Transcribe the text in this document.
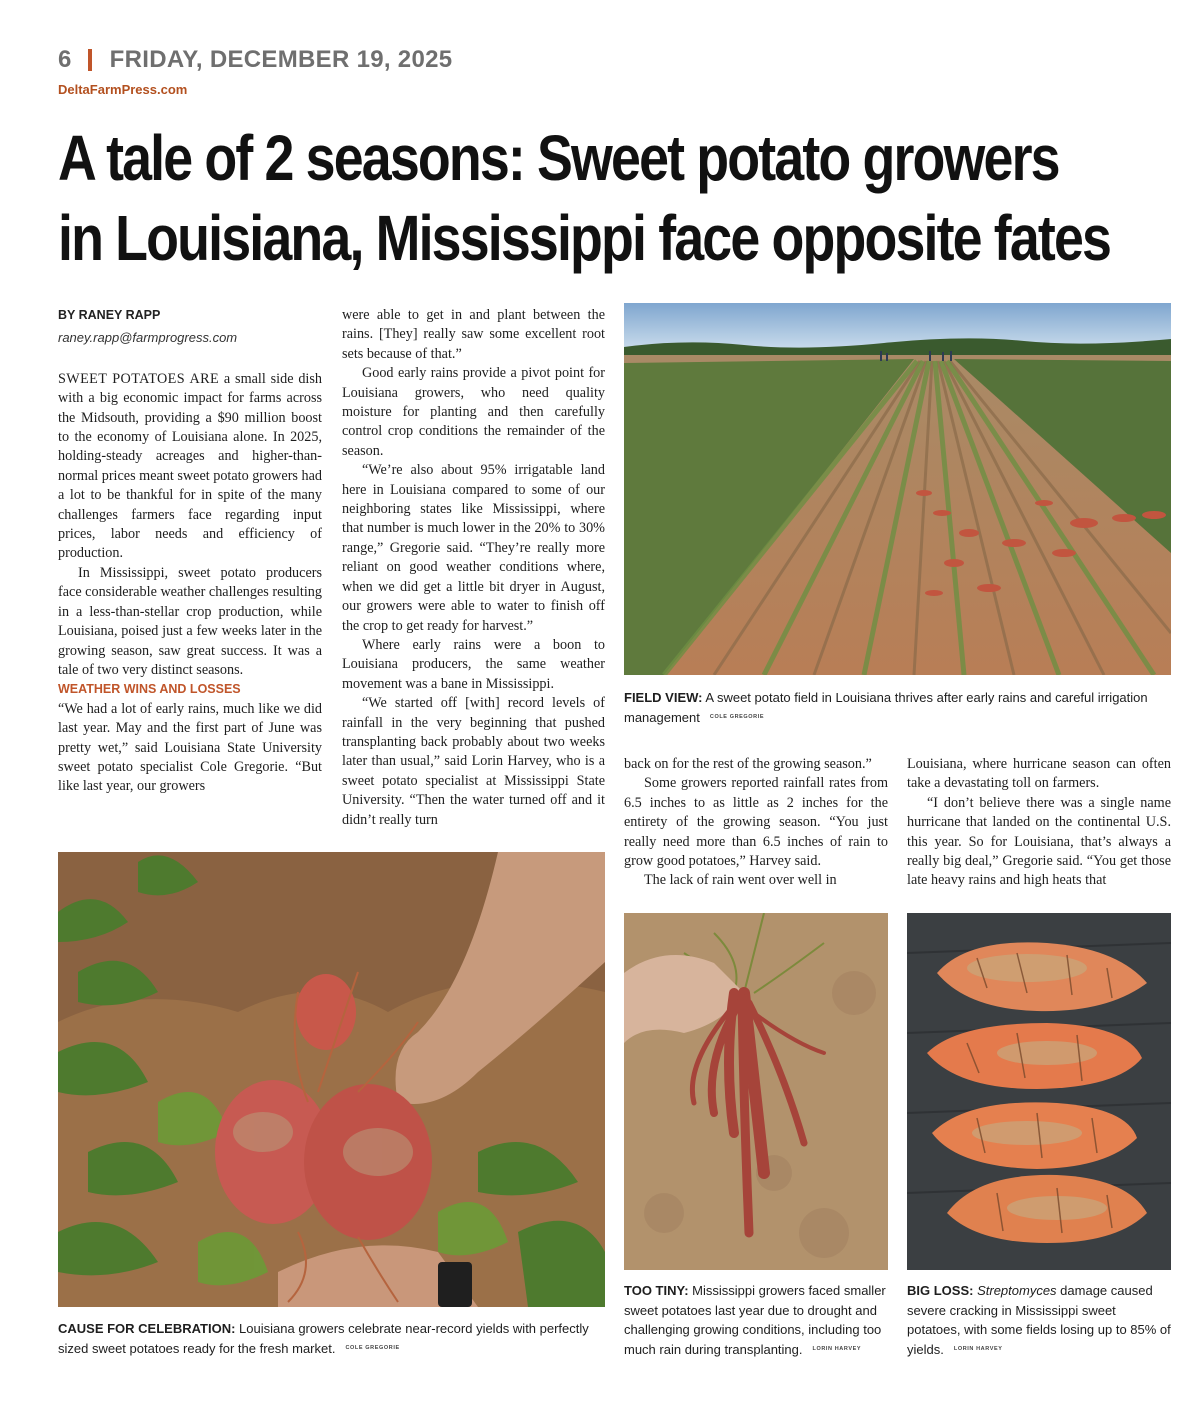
6 FRIDAY, DECEMBER 19, 2025
DeltaFarmPress.com
A tale of 2 seasons: Sweet potato growers
in Louisiana, Mississippi face opposite fates
BY RANEY RAPP
raney.rapp@farmprogress.com

SWEET POTATOES ARE a small side dish with a big economic impact for farms across the Midsouth, providing a $90 million boost to the economy of Louisiana alone. In 2025, holding-steady acreages and higher-than-normal prices meant sweet potato growers had a lot to be thankful for in spite of the many challenges farmers face regarding input prices, labor needs and efficiency of production.

In Mississippi, sweet potato producers face considerable weather challenges resulting in a less-than-stellar crop production, while Louisiana, poised just a few weeks later in the growing season, saw great success. It was a tale of two very distinct seasons.

WEATHER WINS AND LOSSES

“We had a lot of early rains, much like we did last year. May and the first part of June was pretty wet,” said Louisiana State University sweet potato specialist Cole Gregorie. “But like last year, our growers

were able to get in and plant between the rains. [They] really saw some excellent root sets because of that.”

Good early rains provide a pivot point for Louisiana growers, who need quality moisture for planting and then carefully control crop conditions the remainder of the season.

“We’re also about 95% irrigatable land here in Louisiana compared to some of our neighboring states like Mississippi, where that number is much lower in the 20% to 30% range,” Gregorie said. “They’re really more reliant on good weather conditions where, when we did get a little bit dryer in August, our growers were able to water to finish off the crop to get ready for harvest.”

Where early rains were a boon to Louisiana producers, the same weather movement was a bane in Mississippi.

“We started off [with] record levels of rainfall in the very beginning that pushed transplanting back probably about two weeks later than usual,” said Lorin Harvey, who is a sweet potato specialist at Mississippi State University. “Then the water turned off and it didn’t really turn

FIELD VIEW: A sweet potato field in Louisiana thrives after early rains and careful irrigation management COLE GREGORIE

back on for the rest of the growing season.”

Some growers reported rainfall rates from 6.5 inches to as little as 2 inches for the entirety of the growing season. “You just really need more than 6.5 inches of rain to grow good potatoes,” Harvey said.

The lack of rain went over well in

Louisiana, where hurricane season can often take a devastating toll on farmers.

“I don’t believe there was a single name hurricane that landed on the continental U.S. this year. So for Louisiana, that’s always a really big deal,” Gregorie said. “You get those late heavy rains and high heats that

CAUSE FOR CELEBRATION: Louisiana growers celebrate near-record yields with perfectly sized sweet potatoes ready for the fresh market. COLE GREGORIE
TOO TINY: Mississippi growers faced smaller sweet potatoes last year due to drought and challenging growing conditions, including too much rain during transplanting. LORIN HARVEY
BIG LOSS: Streptomyces damage caused severe cracking in Mississippi sweet potatoes, with some fields losing up to 85% of yields. LORIN HARVEY
